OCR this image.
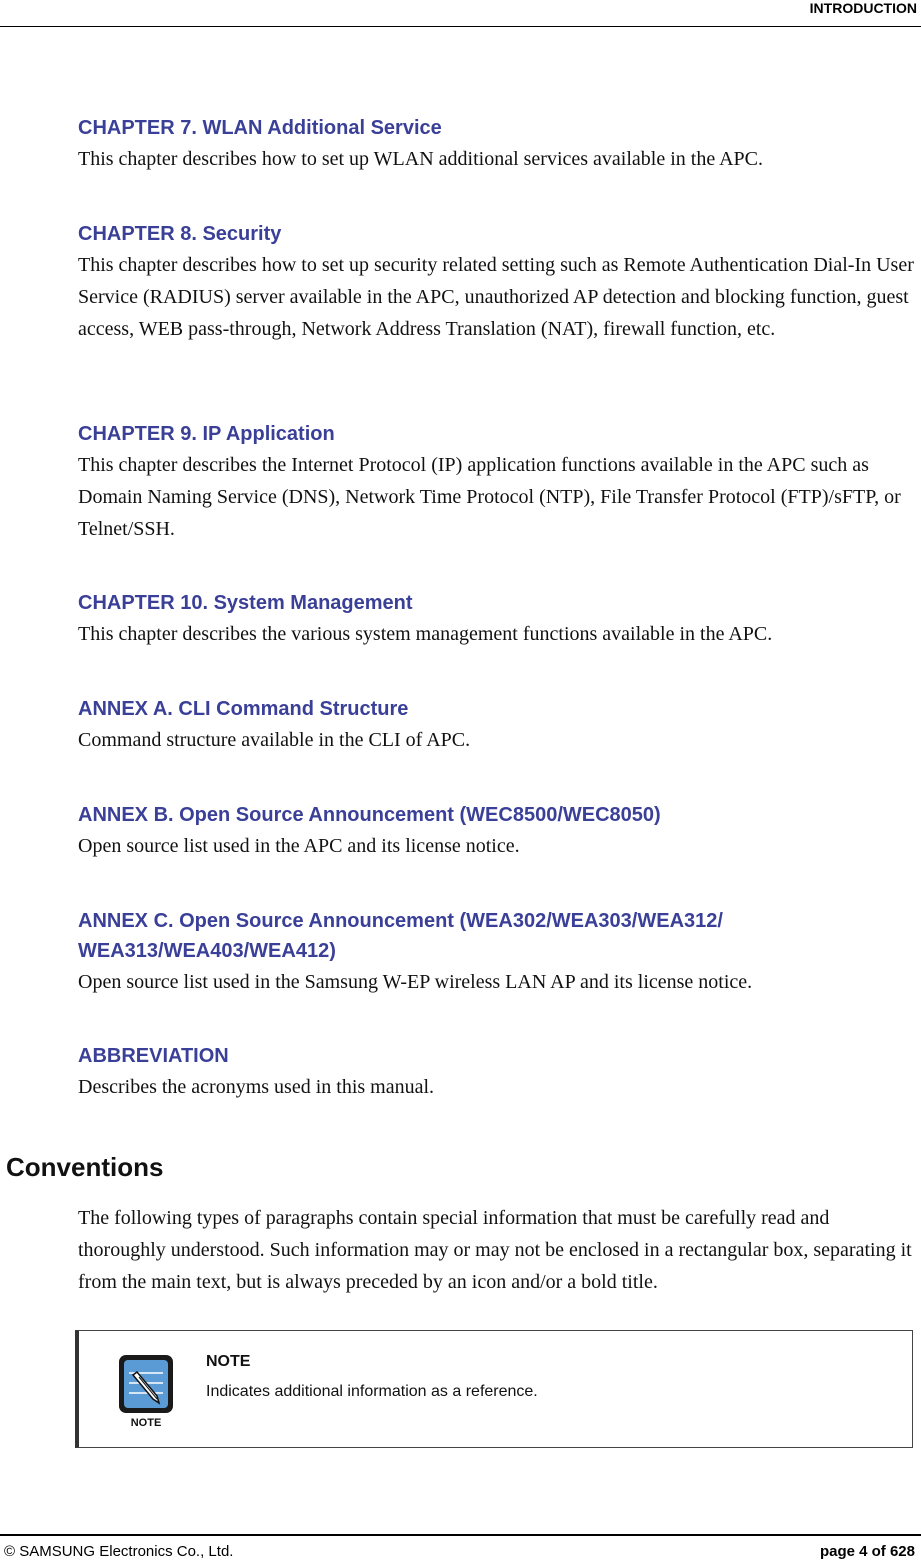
INTRODUCTION

CHAPTER 7. WLAN Additional Service

This chapter describes how to set up WLAN additional services available in the APC.

CHAPTER 8. Security

This chapter describes how to set up security related setting such as Remote Authentication Dial-In User Service (RADIUS) server available in the APC, unauthorized AP detection and blocking function, guest access, WEB pass-through, Network Address Translation (NAT), firewall function, etc.

CHAPTER 9. IP Application

This chapter describes the Internet Protocol (IP) application functions available in the APC such as Domain Naming Service (DNS), Network Time Protocol (NTP), File Transfer Protocol (FTP)/sFTP, or Telnet/SSH.

CHAPTER 10. System Management

This chapter describes the various system management functions available in the APC.

ANNEX A. CLI Command Structure

Command structure available in the CLI of APC.

ANNEX B. Open Source Announcement (WEC8500/WEC8050)

Open source list used in the APC and its license notice.

ANNEX C. Open Source Announcement (WEA302/WEA303/WEA312/ WEA313/WEA403/WEA412)

Open source list used in the Samsung W-EP wireless LAN AP and its license notice.

ABBREVIATION

Describes the acronyms used in this manual.

Conventions

The following types of paragraphs contain special information that must be carefully read and thoroughly understood. Such information may or may not be enclosed in a rectangular box, separating it from the main text, but is always preceded by an icon and/or a bold title.

NOTE
NOTE
Indicates additional information as a reference.
© SAMSUNG Electronics Co., Ltd.	page 4 of 628
